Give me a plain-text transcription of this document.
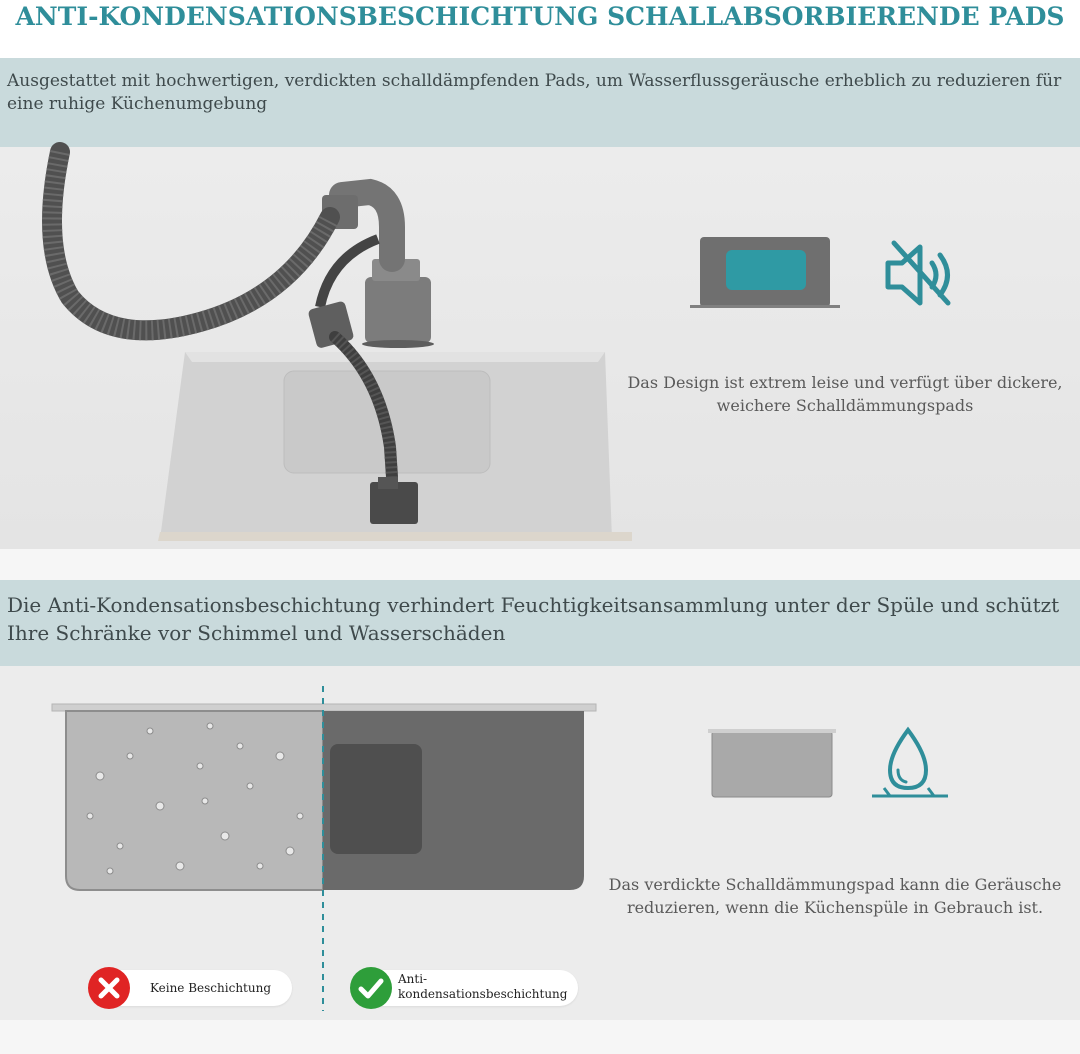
ANTI-KONDENSATIONSBESCHICHTUNG SCHALLABSORBIERENDE PADS
Ausgestattet mit hochwertigen, verdickten schalldämpfenden Pads, um Wasserflussgeräusche erheblich zu reduzieren für eine ruhige Küchenumgebung
Das Design ist extrem leise und verfügt über dickere, weichere Schalldämmungspads
Die Anti-Kondensationsbeschichtung verhindert Feuchtigkeitsansammlung unter der Spüle und schützt Ihre Schränke vor Schimmel und Wasserschäden
Das verdickte Schalldämmungspad kann die Geräusche reduzieren, wenn die Küchenspüle in Gebrauch ist.
Keine Beschichtung
Anti-kondensationsbeschichtung
